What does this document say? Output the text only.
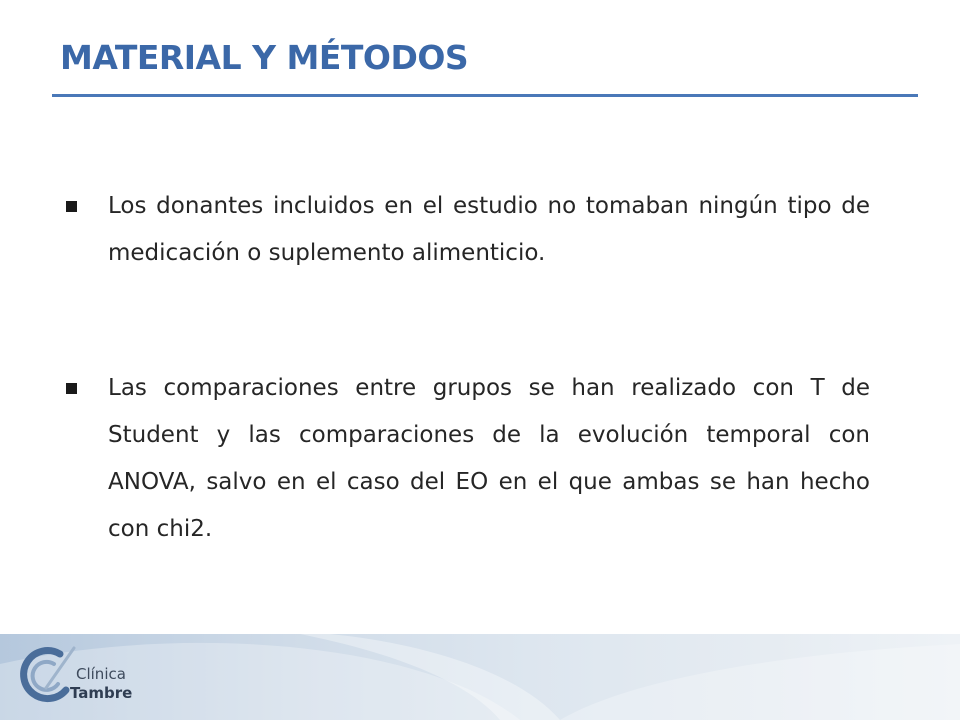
MATERIAL Y MÉTODOS
Los donantes incluidos en el estudio no tomaban ningún tipo de medicación o suplemento alimenticio.
Las comparaciones entre grupos se han realizado con T de Student y las comparaciones de la evolución temporal con ANOVA, salvo en el caso del EO en el que ambas se han hecho con chi2.
Clínica
Tambre
